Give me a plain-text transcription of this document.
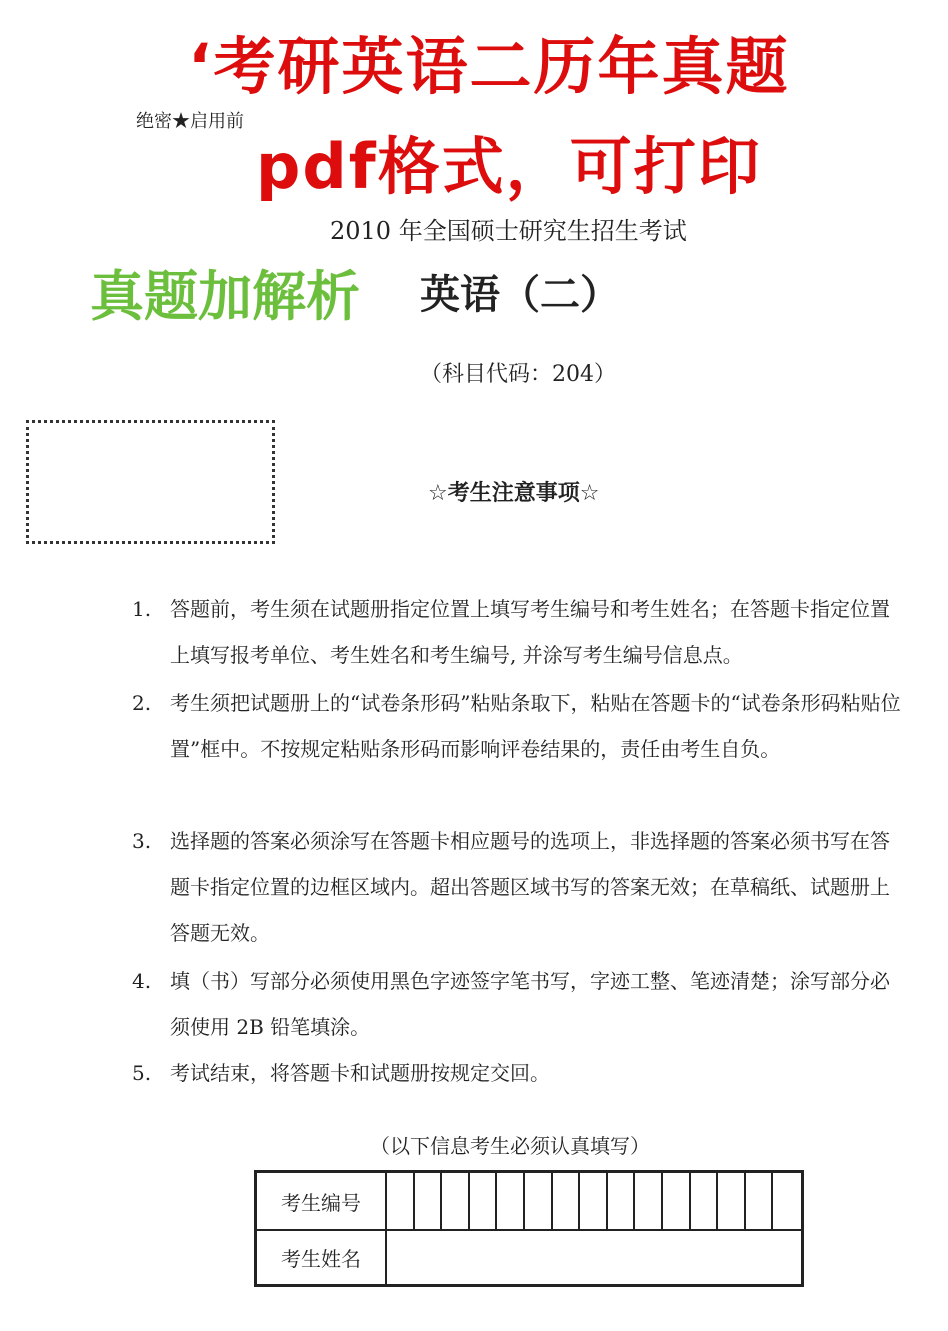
‘考研英语二历年真题
绝密★启用前
pdf格式，可打印
2010 年全国硕士研究生招生考试
真题加解析 英语（二）
（科目代码：204）
☆考生注意事项☆
1. 答题前，考生须在试题册指定位置上填写考生编号和考生姓名；在答题卡指定位置上填写报考单位、考生姓名和考生编号, 并涂写考生编号信息点。
2. 考生须把试题册上的“试卷条形码”粘贴条取下，粘贴在答题卡的“试卷条形码粘贴位置”框中。不按规定粘贴条形码而影响评卷结果的，责任由考生自负。
3. 选择题的答案必须涂写在答题卡相应题号的选项上，非选择题的答案必须书写在答题卡指定位置的边框区域内。超出答题区域书写的答案无效；在草稿纸、试题册上答题无效。
4. 填（书）写部分必须使用黑色字迹签字笔书写，字迹工整、笔迹清楚；涂写部分必须使用 2B 铅笔填涂。
5. 考试结束，将答题卡和试题册按规定交回。
（以下信息考生必须认真填写）
考生编号
考生姓名
